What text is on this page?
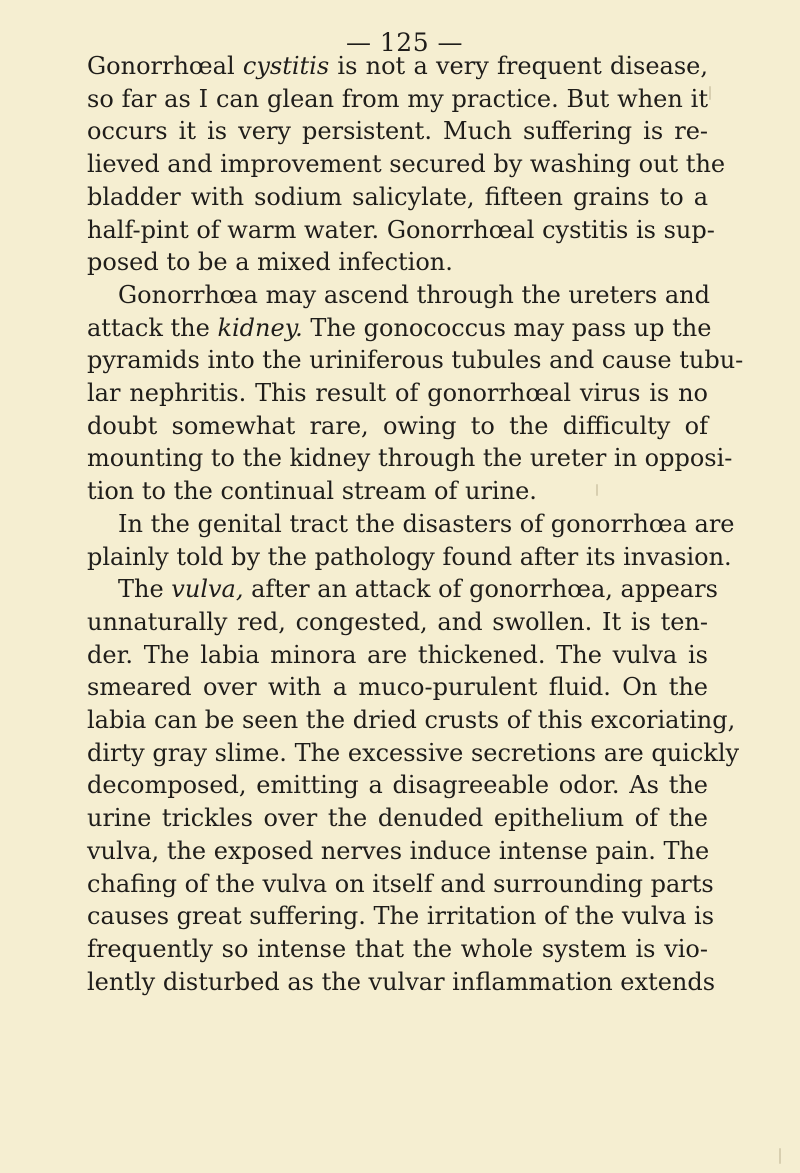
— 125 —
Gonorrhœal cystitis is not a very frequent disease,
so far as I can glean from my practice. But when it
occurs it is very persistent. Much suffering is re-
lieved and improvement secured by washing out the
bladder with sodium salicylate, fifteen grains to a
half-pint of warm water. Gonorrhœal cystitis is sup-
posed to be a mixed infection.
Gonorrhœa may ascend through the ureters and
attack the kidney. The gonococcus may pass up the
pyramids into the uriniferous tubules and cause tubu-
lar nephritis. This result of gonorrhœal virus is no
doubt somewhat rare, owing to the difficulty of
mounting to the kidney through the ureter in opposi-
tion to the continual stream of urine.
In the genital tract the disasters of gonorrhœa are
plainly told by the pathology found after its invasion.
The vulva, after an attack of gonorrhœa, appears
unnaturally red, congested, and swollen. It is ten-
der. The labia minora are thickened. The vulva is
smeared over with a muco-purulent fluid. On the
labia can be seen the dried crusts of this excoriating,
dirty gray slime. The excessive secretions are quickly
decomposed, emitting a disagreeable odor. As the
urine trickles over the denuded epithelium of the
vulva, the exposed nerves induce intense pain. The
chafing of the vulva on itself and surrounding parts
causes great suffering. The irritation of the vulva is
frequently so intense that the whole system is vio-
lently disturbed as the vulvar inflammation extends
